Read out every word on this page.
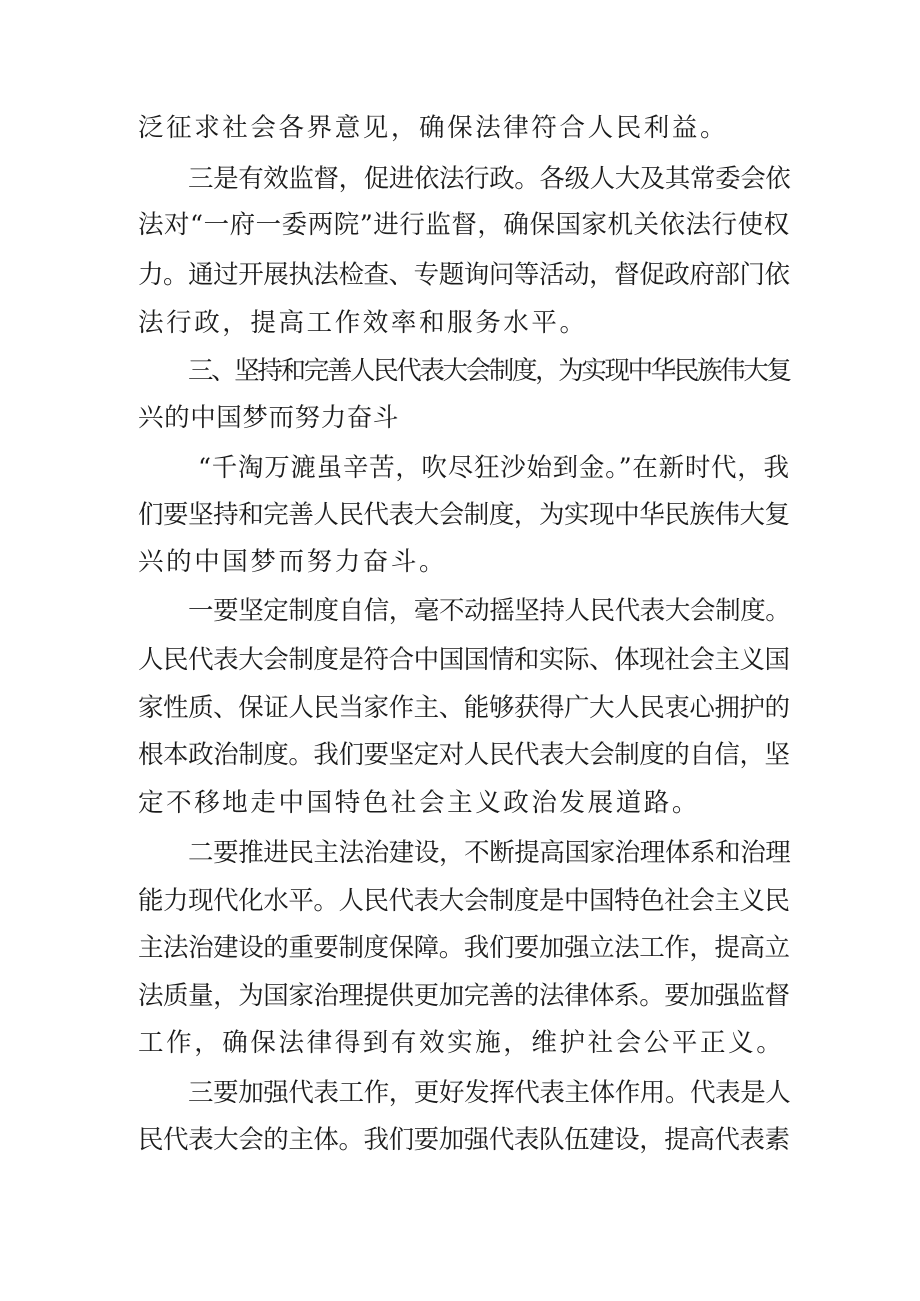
泛征求社会各界意见，确保法律符合人民利益。
三是有效监督，促进依法行政。各级人大及其常委会依
法对“一府一委两院”进行监督，确保国家机关依法行使权
力。通过开展执法检查、专题询问等活动，督促政府部门依
法行政，提高工作效率和服务水平。
三、坚持和完善人民代表大会制度，为实现中华民族伟大复
兴的中国梦而努力奋斗
“千淘万漉虽辛苦，吹尽狂沙始到金。”在新时代，我
们要坚持和完善人民代表大会制度，为实现中华民族伟大复
兴的中国梦而努力奋斗。
一要坚定制度自信，毫不动摇坚持人民代表大会制度。
人民代表大会制度是符合中国国情和实际、体现社会主义国
家性质、保证人民当家作主、能够获得广大人民衷心拥护的
根本政治制度。我们要坚定对人民代表大会制度的自信，坚
定不移地走中国特色社会主义政治发展道路。
二要推进民主法治建设，不断提高国家治理体系和治理
能力现代化水平。人民代表大会制度是中国特色社会主义民
主法治建设的重要制度保障。我们要加强立法工作，提高立
法质量，为国家治理提供更加完善的法律体系。要加强监督
工作，确保法律得到有效实施，维护社会公平正义。
三要加强代表工作，更好发挥代表主体作用。代表是人
民代表大会的主体。我们要加强代表队伍建设，提高代表素
